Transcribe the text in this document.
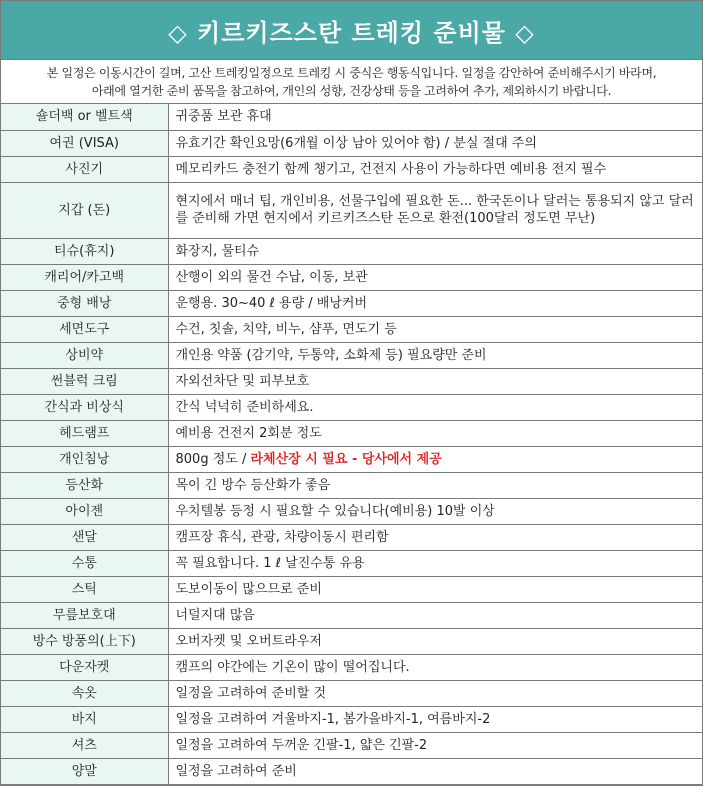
◇ 키르키즈스탄 트레킹 준비물 ◇
본 일정은 이동시간이 길며, 고산 트레킹일정으로 트레킹 시 중식은 행동식입니다. 일정을 감안하여 준비해주시기 바라며,
아래에 열거한 준비 품목을 참고하여, 개인의 성향, 건강상태 등을 고려하여 추가, 제외하시기 바랍니다.
숄더백 or 벨트색	귀중품 보관 휴대
여권 (VISA)	유효기간 확인요망(6개월 이상 남아 있어야 함) / 분실 절대 주의
사진기	메모리카드 충전기 함께 챙기고, 건전지 사용이 가능하다면 예비용 전지 필수
지갑 (돈)	현지에서 매너 팁, 개인비용, 선물구입에 필요한 돈... 한국돈이나 달러는 통용되지 않고 달러를 준비해 가면 현지에서 키르키즈스탄 돈으로 환전(100달러 정도면 무난)
티슈(휴지)	화장지, 물티슈
캐리어/카고백	산행이 외의 물건 수납, 이동, 보관
중형 배낭	운행용. 30~40 ℓ 용량 / 배낭커버
세면도구	수건, 칫솔, 치약, 비누, 샴푸, 면도기 등
상비약	개인용 약품 (감기약, 두통약, 소화제 등) 필요량만 준비
썬블럭 크림	자외선차단 및 피부보호
간식과 비상식	간식 넉넉히 준비하세요.
헤드램프	예비용 건전지 2회분 정도
개인침낭	800g 정도 / 라체산장 시 필요 - 당사에서 제공
등산화	목이 긴 방수 등산화가 좋음
아이젠	우치텔봉 등정 시 필요할 수 있습니다(예비용) 10발 이상
샌달	캠프장 휴식, 관광, 차량이동시 편리함
수통	꼭 필요합니다. 1 ℓ 날진수통 유용
스틱	도보이동이 많으므로 준비
무릎보호대	너덜지대 많음
방수 방풍의(上下)	오버자켓 및 오버트라우저
다운자켓	캠프의 야간에는 기온이 많이 떨어집니다.
속옷	일정을 고려하여 준비할 것
바지	일정을 고려하여 겨울바지-1, 봄가을바지-1, 여름바지-2
셔츠	일정을 고려하여 두꺼운 긴팔-1, 얇은 긴팔-2
양말	일정을 고려하여 준비
